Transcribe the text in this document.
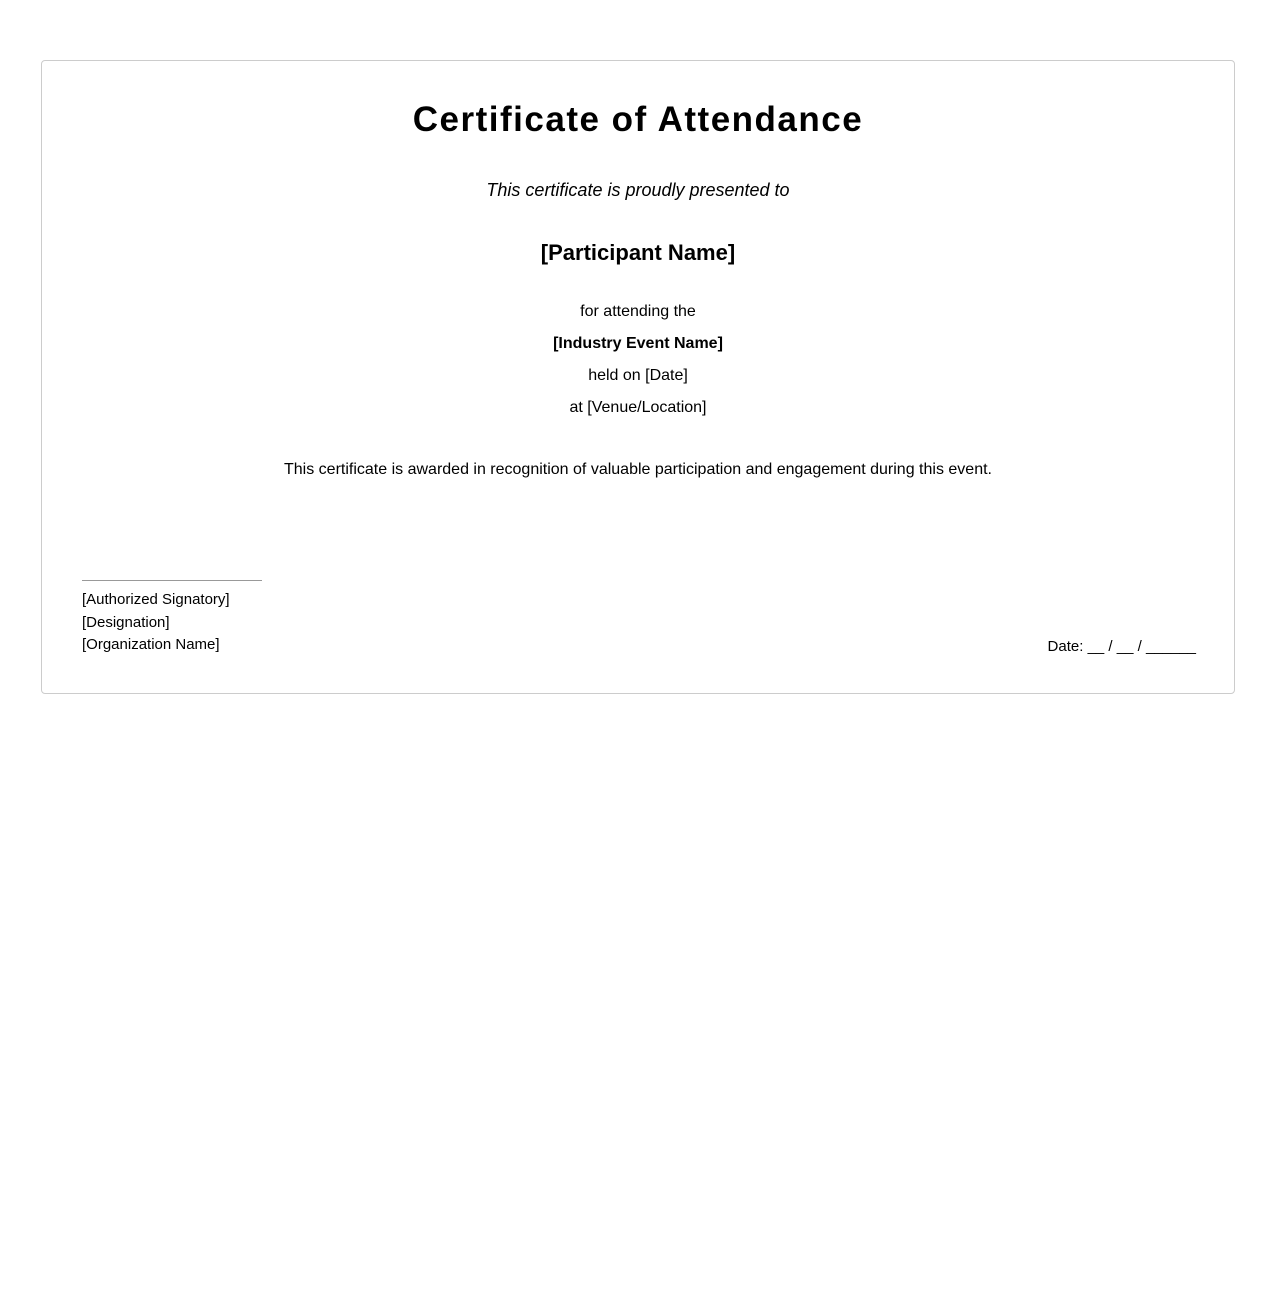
Certificate of Attendance
This certificate is proudly presented to
[Participant Name]
for attending the
[Industry Event Name]
held on [Date]
at [Venue/Location]
This certificate is awarded in recognition of valuable participation and engagement during this event.
[Authorized Signatory]
[Designation]
[Organization Name]	Date: __ / __ / ______
